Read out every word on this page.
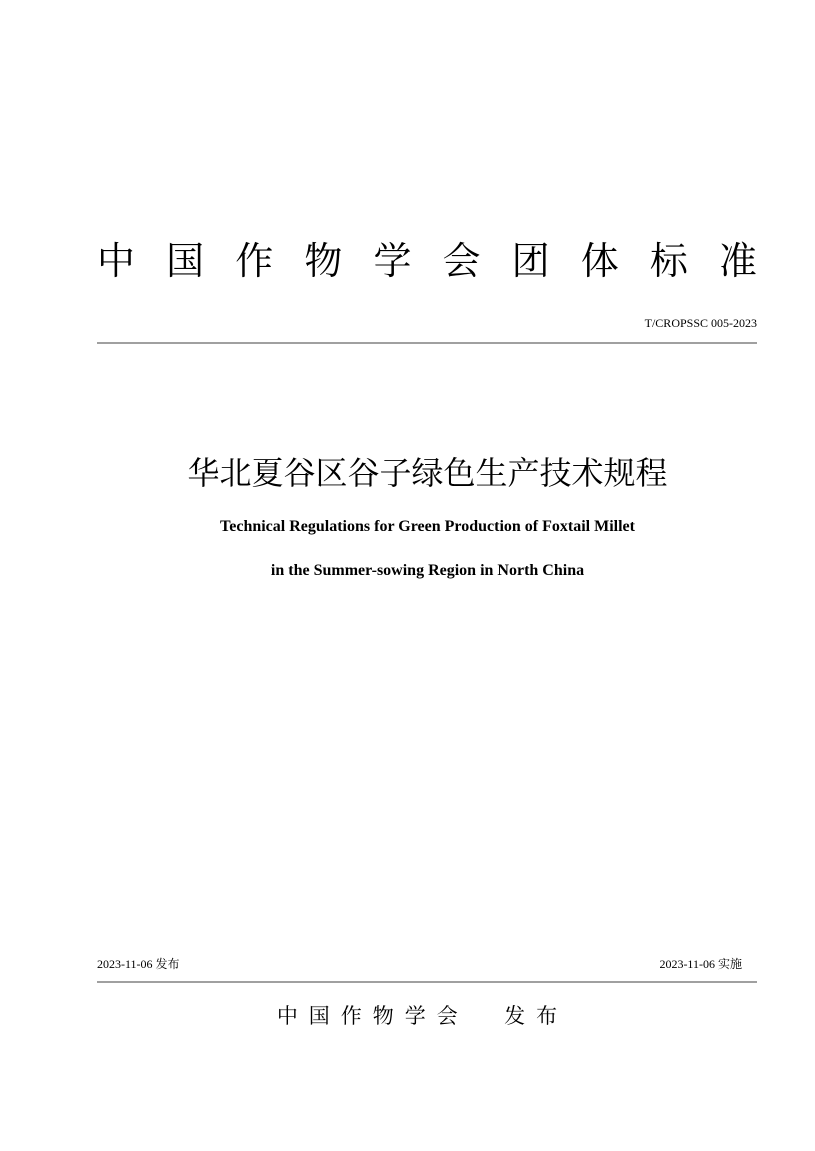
中 国 作 物 学 会 团 体 标 准
T/CROPSSC 005-2023
华北夏谷区谷子绿色生产技术规程
Technical Regulations for Green Production of Foxtail Millet
in the Summer-sowing Region in North China
2023-11-06 发布	2023-11-06 实施
中国作物学会  发布
